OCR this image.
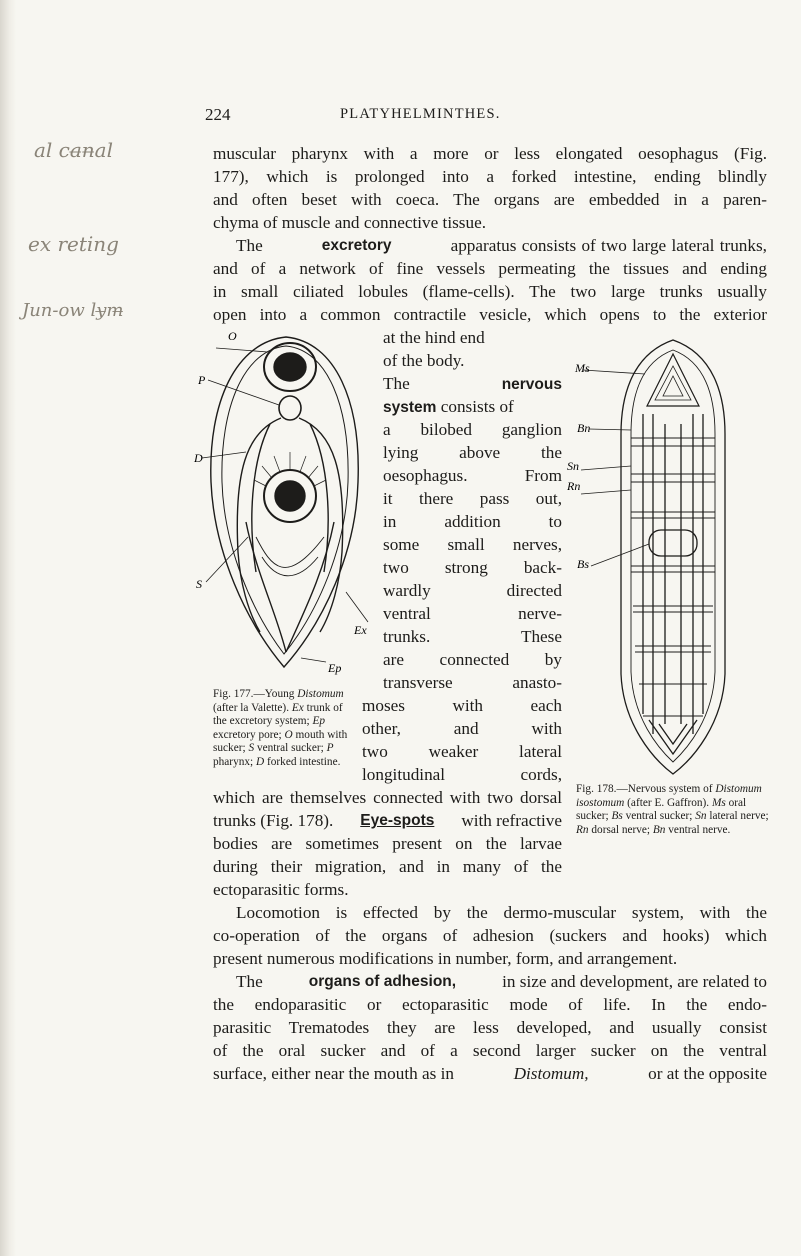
al ca̶n̶al
ex reting
Jun-ow ly̶m̶
224	PLATYHELMINTHES.
muscular pharynx with a more or less elongated oesophagus (Fig.
177), which is prolonged into a forked intestine, ending blindly
and often beset with coeca. The organs are embedded in a paren-
chyma of muscle and connective tissue.
The	excretory	apparatus consists of two large lateral trunks,
and of a network of fine vessels permeating the tissues and ending
in small ciliated lobules (flame-cells). The two large trunks usually
open into a common contractile vesicle, which opens to the exterior
at the hind end
of the body.
The nervous
system consists of
a bilobed ganglion
lying above the
oesophagus. From
it there pass out,
in addition to
some small nerves,
two strong back-
wardly directed
ventral nerve-
trunks. These
are connected by
transverse anasto-
moses with each
other, and with
two weaker lateral
longitudinal cords,
which are themselves connected with two dorsal
trunks (Fig. 178). Eye-spots with refractive
bodies are sometimes present on the larvae
during their migration, and in many of the
ectoparasitic forms.
Locomotion is effected by the dermo-muscular system, with the
co-operation of the organs of adhesion (suckers and hooks) which
present numerous modifications in number, form, and arrangement.
The	organs of adhesion,	in size and development, are related to
the endoparasitic or ectoparasitic mode of life. In the endo-
parasitic Trematodes they are less developed, and usually consist
of the oral sucker and of a second larger sucker on the ventral
surface, either near the mouth as in	Distomum,	or at the opposite
O
P
D
S
Ex
Ep
Fig. 177.—Young Distomum (after la Valette). Ex trunk of the excretory system; Ep excretory pore; O mouth with sucker; S ventral sucker; P pharynx; D forked intestine.
Ms
Bn
Sn
Rn
Bs
Fig. 178.—Nervous system of Distomum isostomum (after E. Gaffron). Ms oral sucker; Bs ventral sucker; Sn lateral nerve; Rn dorsal nerve; Bn ventral nerve.
